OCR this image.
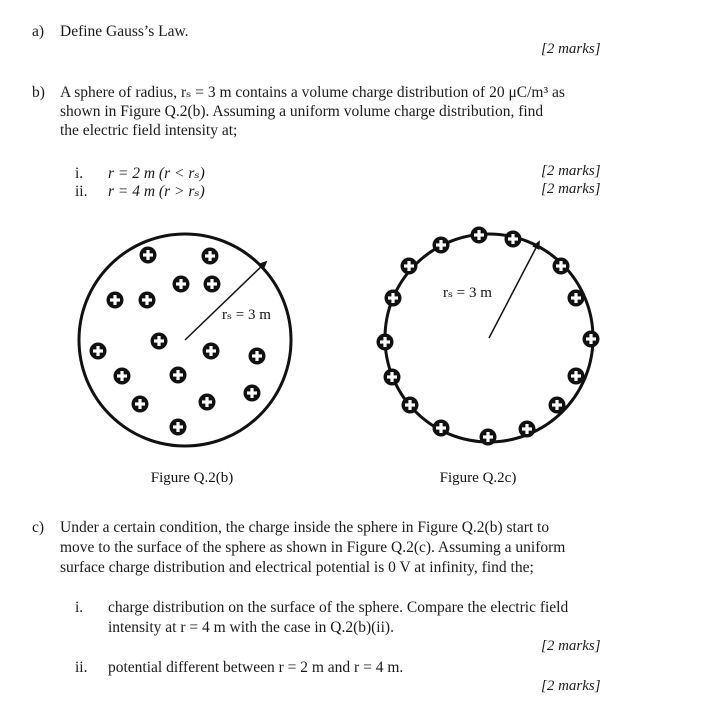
a) Define Gauss’s Law.
[2 marks]
b) A sphere of radius, rₛ = 3 m contains a volume charge distribution of 20 μC/m³ as
shown in Figure Q.2(b). Assuming a uniform volume charge distribution, find
the electric field intensity at;
i. r = 2 m (r < rₛ)	[2 marks]
ii. r = 4 m (r > rₛ)	[2 marks]
rₛ = 3 m
Figure Q.2(b)
rₛ = 3 m
Figure Q.2c)
c) Under a certain condition, the charge inside the sphere in Figure Q.2(b) start to
move to the surface of the sphere as shown in Figure Q.2(c). Assuming a uniform
surface charge distribution and electrical potential is 0 V at infinity, find the;
i. charge distribution on the surface of the sphere. Compare the electric field
intensity at r = 4 m with the case in Q.2(b)(ii).
[2 marks]
ii. potential different between r = 2 m and r = 4 m.
[2 marks]
